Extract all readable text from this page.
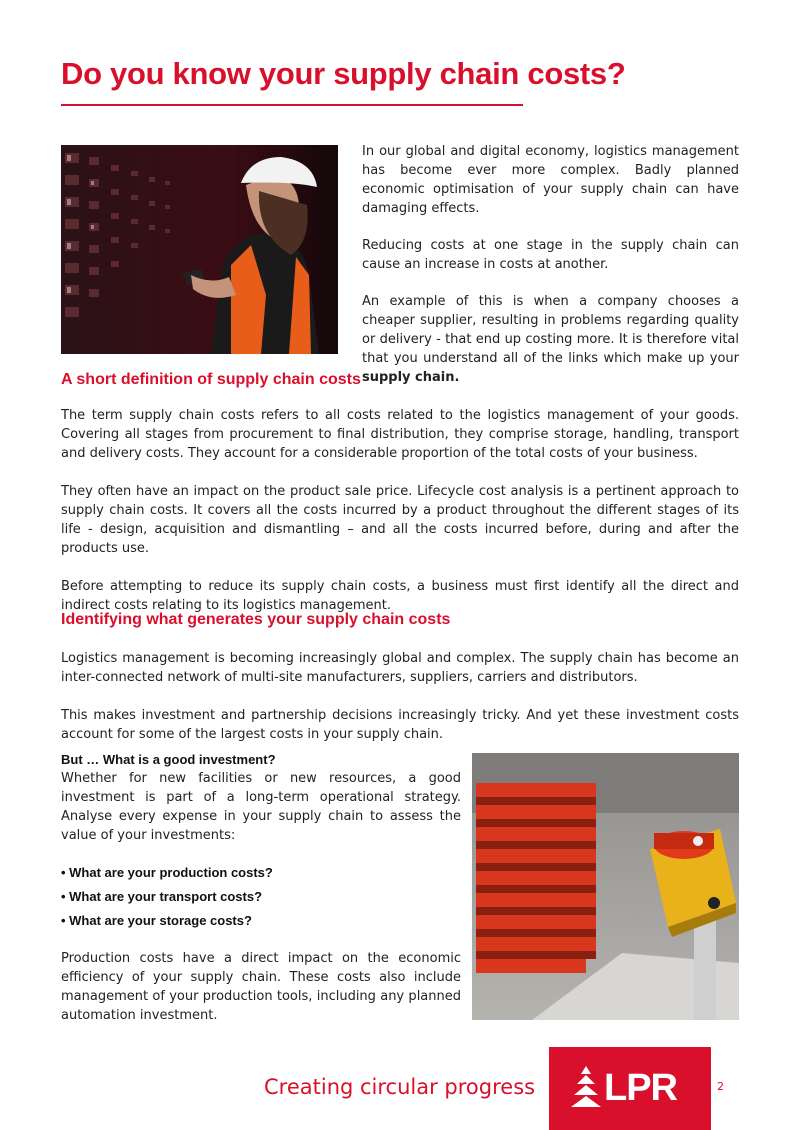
Do you know your supply chain costs?

In our global and digital economy, logistics management has become ever more complex. Badly planned economic optimisation of your supply chain can have damaging effects.

Reducing costs at one stage in the supply chain can cause an increase in costs at another.

An example of this is when a company chooses a cheaper supplier, resulting in problems regarding quality or delivery - that end up costing more. It is therefore vital that you understand all of the links which make up your supply chain.

A short definition of supply chain costs

The term supply chain costs refers to all costs related to the logistics management of your goods. Covering all stages from procurement to final distribution, they comprise storage, handling, transport and delivery costs. They account for a considerable proportion of the total costs of your business.

They often have an impact on the product sale price. Lifecycle cost analysis is a pertinent approach to supply chain costs. It covers all the costs incurred by a product throughout the different stages of its life - design, acquisition and dismantling – and all the costs incurred before, during and after the products use.

Before attempting to reduce its supply chain costs, a business must first identify all the direct and indirect costs relating to its logistics management.

Identifying what generates your supply chain costs

Logistics management is becoming increasingly global and complex. The supply chain has become an inter-connected network of multi-site manufacturers, suppliers, carriers and distributors.

This makes investment and partnership decisions increasingly tricky. And yet these investment costs account for some of the largest costs in your supply chain.

But … What is a good investment?

Whether for new facilities or new resources, a good investment is part of a long-term operational strategy. Analyse every expense in your supply chain to assess the value of your investments:

• What are your production costs?

• What are your transport costs?

• What are your storage costs?

Production costs have a direct impact on the economic efficiency of your supply chain. These costs also include management of your production tools, including any planned automation investment.

Creating circular progress LPR	2
